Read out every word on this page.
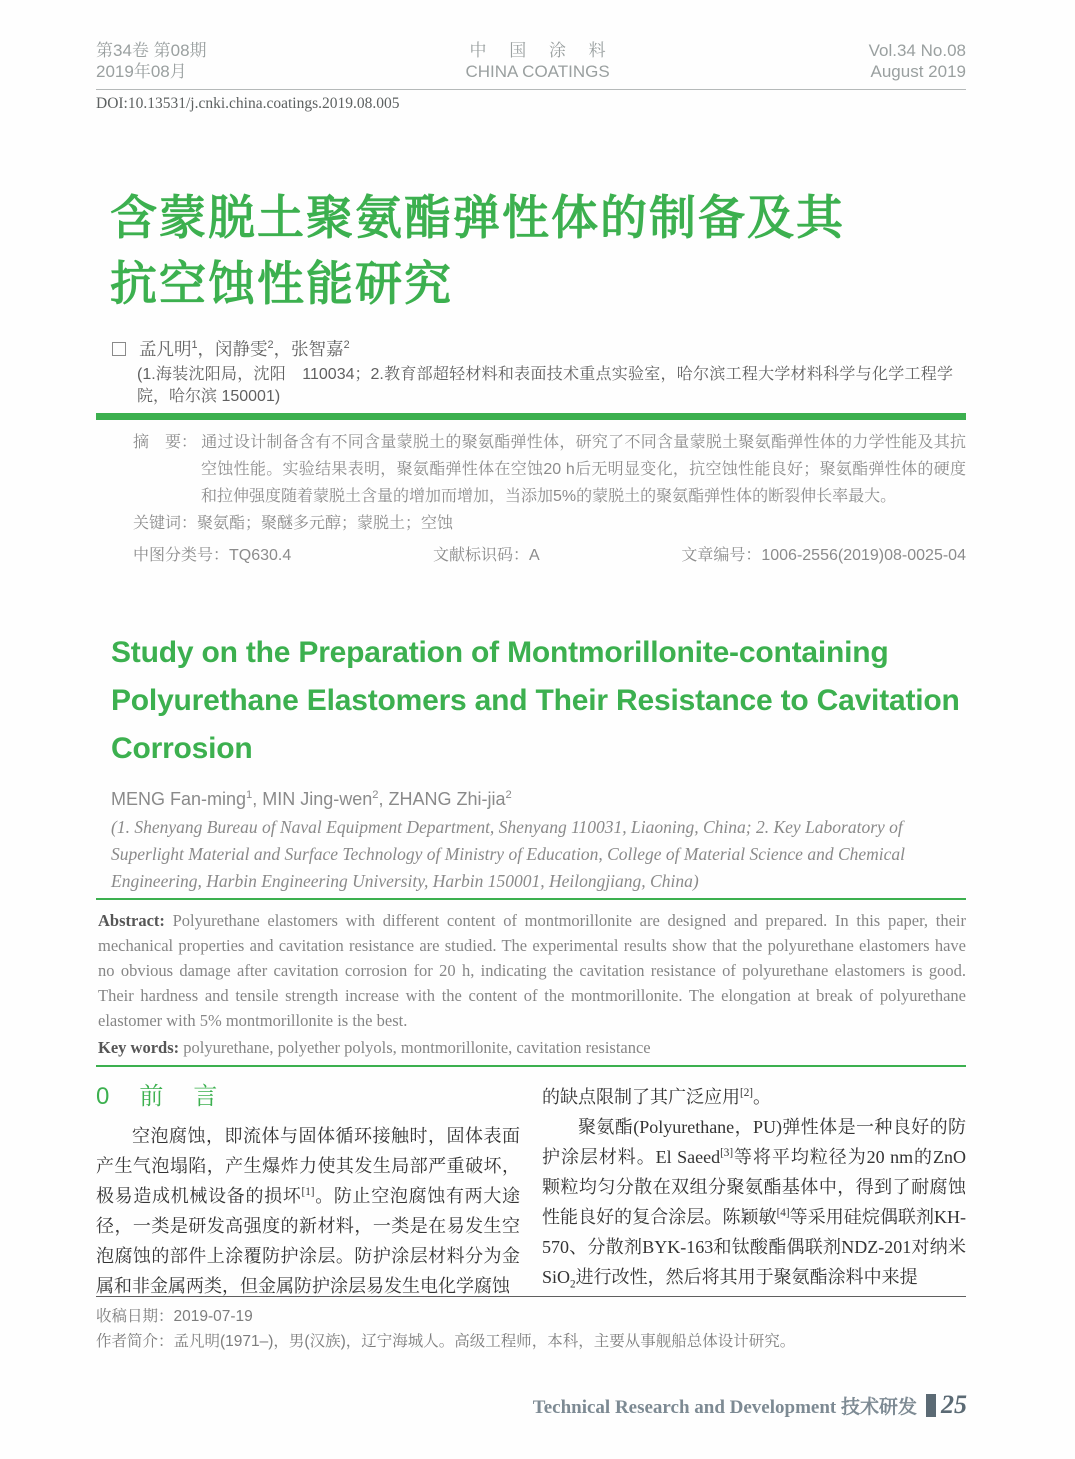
第34卷 第08期
2019年08月
中 国 涂 料
CHINA COATINGS
Vol.34 No.08
August 2019
DOI:10.13531/j.cnki.china.coatings.2019.08.005
含蒙脱土聚氨酯弹性体的制备及其
抗空蚀性能研究
孟凡明$^1$，闵静雯$^2$，张智嘉$^2$
(1.海装沈阳局，沈阳　110034；2.教育部超轻材料和表面技术重点实验室，哈尔滨工程大学材料科学与化学工程学院，哈尔滨 150001)

摘　要： 通过设计制备含有不同含量蒙脱土的聚氨酯弹性体，研究了不同含量蒙脱土聚氨酯弹性体的力学性能及其抗空蚀性能。实验结果表明，聚氨酯弹性体在空蚀20 h后无明显变化，抗空蚀性能良好；聚氨酯弹性体的硬度和拉伸强度随着蒙脱土含量的增加而增加，当添加5%的蒙脱土的聚氨酯弹性体的断裂伸长率最大。

关键词：聚氨酯；聚醚多元醇；蒙脱土；空蚀

中图分类号：TQ630.4	文献标识码：A	文章编号：1006-2556(2019)08-0025-04
Study on the Preparation of Montmorillonite-containing Polyurethane Elastomers and Their Resistance to Cavitation Corrosion
MENG Fan-ming$^1$, MIN Jing-wen$^2$, ZHANG Zhi-jia$^2$
(1. Shenyang Bureau of Naval Equipment Department, Shenyang 110031, Liaoning, China; 2. Key Laboratory of Superlight Material and Surface Technology of Ministry of Education, College of Material Science and Chemical Engineering, Harbin Engineering University, Harbin 150001, Heilongjiang, China)

Abstract: Polyurethane elastomers with different content of montmorillonite are designed and prepared. In this paper, their mechanical properties and cavitation resistance are studied. The experimental results show that the polyurethane elastomers have no obvious damage after cavitation corrosion for 20 h, indicating the cavitation resistance of polyurethane elastomers is good. Their hardness and tensile strength increase with the content of the montmorillonite. The elongation at break of polyurethane elastomer with 5% montmorillonite is the best.

Key words: polyurethane, polyether polyols, montmorillonite, cavitation resistance

0　前　言

空泡腐蚀，即流体与固体循环接触时，固体表面产生气泡塌陷，产生爆炸力使其发生局部严重破坏，极易造成机械设备的损坏[1]。防止空泡腐蚀有两大途径，一类是研发高强度的新材料，一类是在易发生空泡腐蚀的部件上涂覆防护涂层。防护涂层材料分为金属和非金属两类，但金属防护涂层易发生电化学腐蚀

的缺点限制了其广泛应用[2]。

聚氨酯(Polyurethane，PU)弹性体是一种良好的防护涂层材料。El Saeed[3]等将平均粒径为20 nm的ZnO颗粒均匀分散在双组分聚氨酯基体中，得到了耐腐蚀性能良好的复合涂层。陈颖敏[4]等采用硅烷偶联剂KH-570、分散剂BYK-163和钛酸酯偶联剂NDZ-201对纳米SiO$_2$进行改性，然后将其用于聚氨酯涂料中来提

收稿日期：2019-07-19
作者简介：孟凡明(1971–)，男(汉族)，辽宁海城人。高级工程师，本科，主要从事舰船总体设计研究。
Technical Research and Development 技术研发 25
